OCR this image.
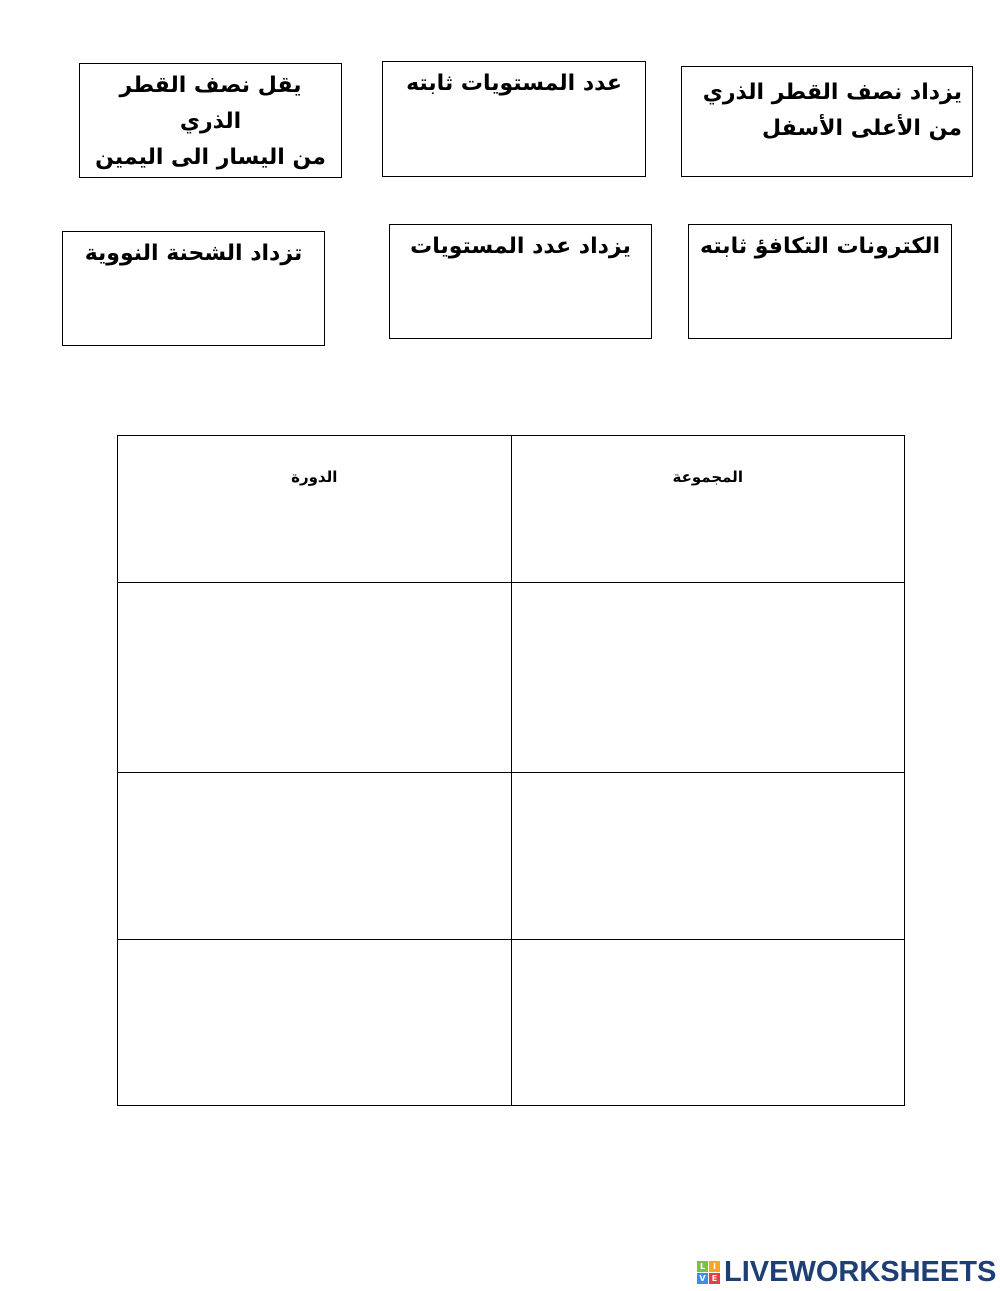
يقل نصف القطر الذري
من اليسار الى اليمين
عدد المستويات ثابته	يزداد نصف القطر الذري
من الأعلى الأسفل
تزداد الشحنة النووية	يزداد عدد المستويات	الكترونات التكافؤ ثابته
المجموعة	الدورة

L I
V E LIVEWORKSHEETS
